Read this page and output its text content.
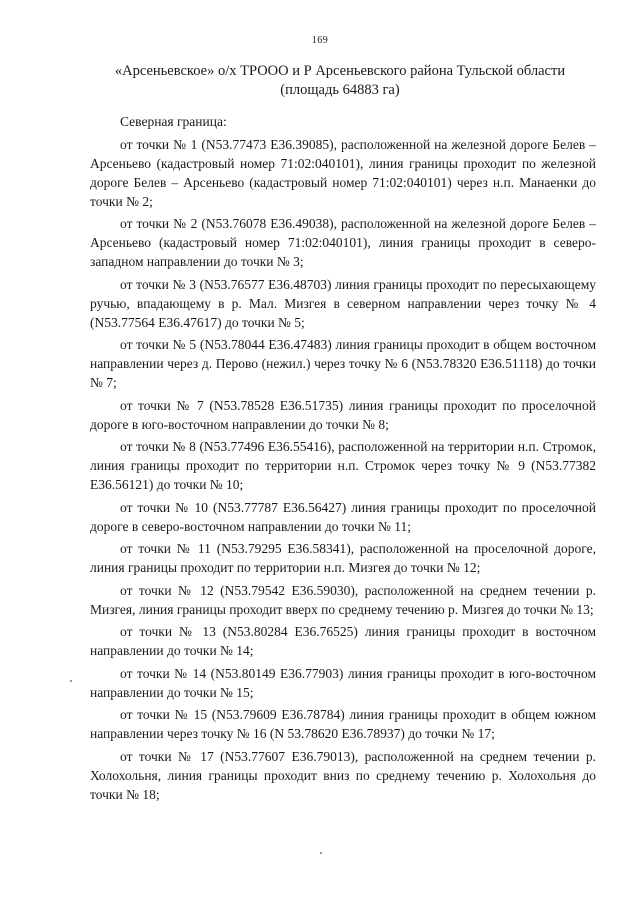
169
«Арсеньевское» о/х ТРООО и Р Арсеньевского района Тульской области
(площадь 64883 га)

Северная граница:

от точки № 1 (N53.77473 E36.39085), расположенной на железной дороге Белев – Арсеньево (кадастровый номер 71:02:040101), линия границы проходит по железной дороге Белев – Арсеньево (кадастровый номер 71:02:040101) через н.п. Манаенки до точки № 2;

от точки № 2 (N53.76078 E36.49038), расположенной на железной дороге Белев – Арсеньево (кадастровый номер 71:02:040101), линия границы проходит в северо-западном направлении до точки № 3;

от точки № 3 (N53.76577 E36.48703) линия границы проходит по пересыхающему ручью, впадающему в р. Мал. Мизгея в северном направлении через точку № 4 (N53.77564 E36.47617) до точки № 5;

от точки № 5 (N53.78044 E36.47483) линия границы проходит в общем восточном направлении через д. Перово (нежил.) через точку № 6 (N53.78320 E36.51118) до точки № 7;

от точки № 7 (N53.78528 E36.51735) линия границы проходит по проселочной дороге в юго-восточном направлении до точки № 8;

от точки № 8 (N53.77496 E36.55416), расположенной на территории н.п. Стромок, линия границы проходит по территории н.п. Стромок через точку № 9 (N53.77382 E36.56121) до точки № 10;

от точки № 10 (N53.77787 E36.56427) линия границы проходит по проселочной дороге в северо-восточном направлении до точки № 11;

от точки № 11 (N53.79295 E36.58341), расположенной на проселочной дороге, линия границы проходит по территории н.п. Мизгея до точки № 12;

от точки № 12 (N53.79542 E36.59030), расположенной на среднем течении р. Мизгея, линия границы проходит вверх по среднему течению р. Мизгея до точки № 13;

от точки № 13 (N53.80284 E36.76525) линия границы проходит в восточном направлении до точки № 14;

от точки № 14 (N53.80149 E36.77903) линия границы проходит в юго-восточном направлении до точки № 15;

от точки № 15 (N53.79609 E36.78784) линия границы проходит в общем южном направлении через точку № 16 (N 53.78620 E36.78937) до точки № 17;

от точки № 17 (N53.77607 E36.79013), расположенной на среднем течении р. Холохольня, линия границы проходит вниз по среднему течению р. Холохольня до точки № 18;
